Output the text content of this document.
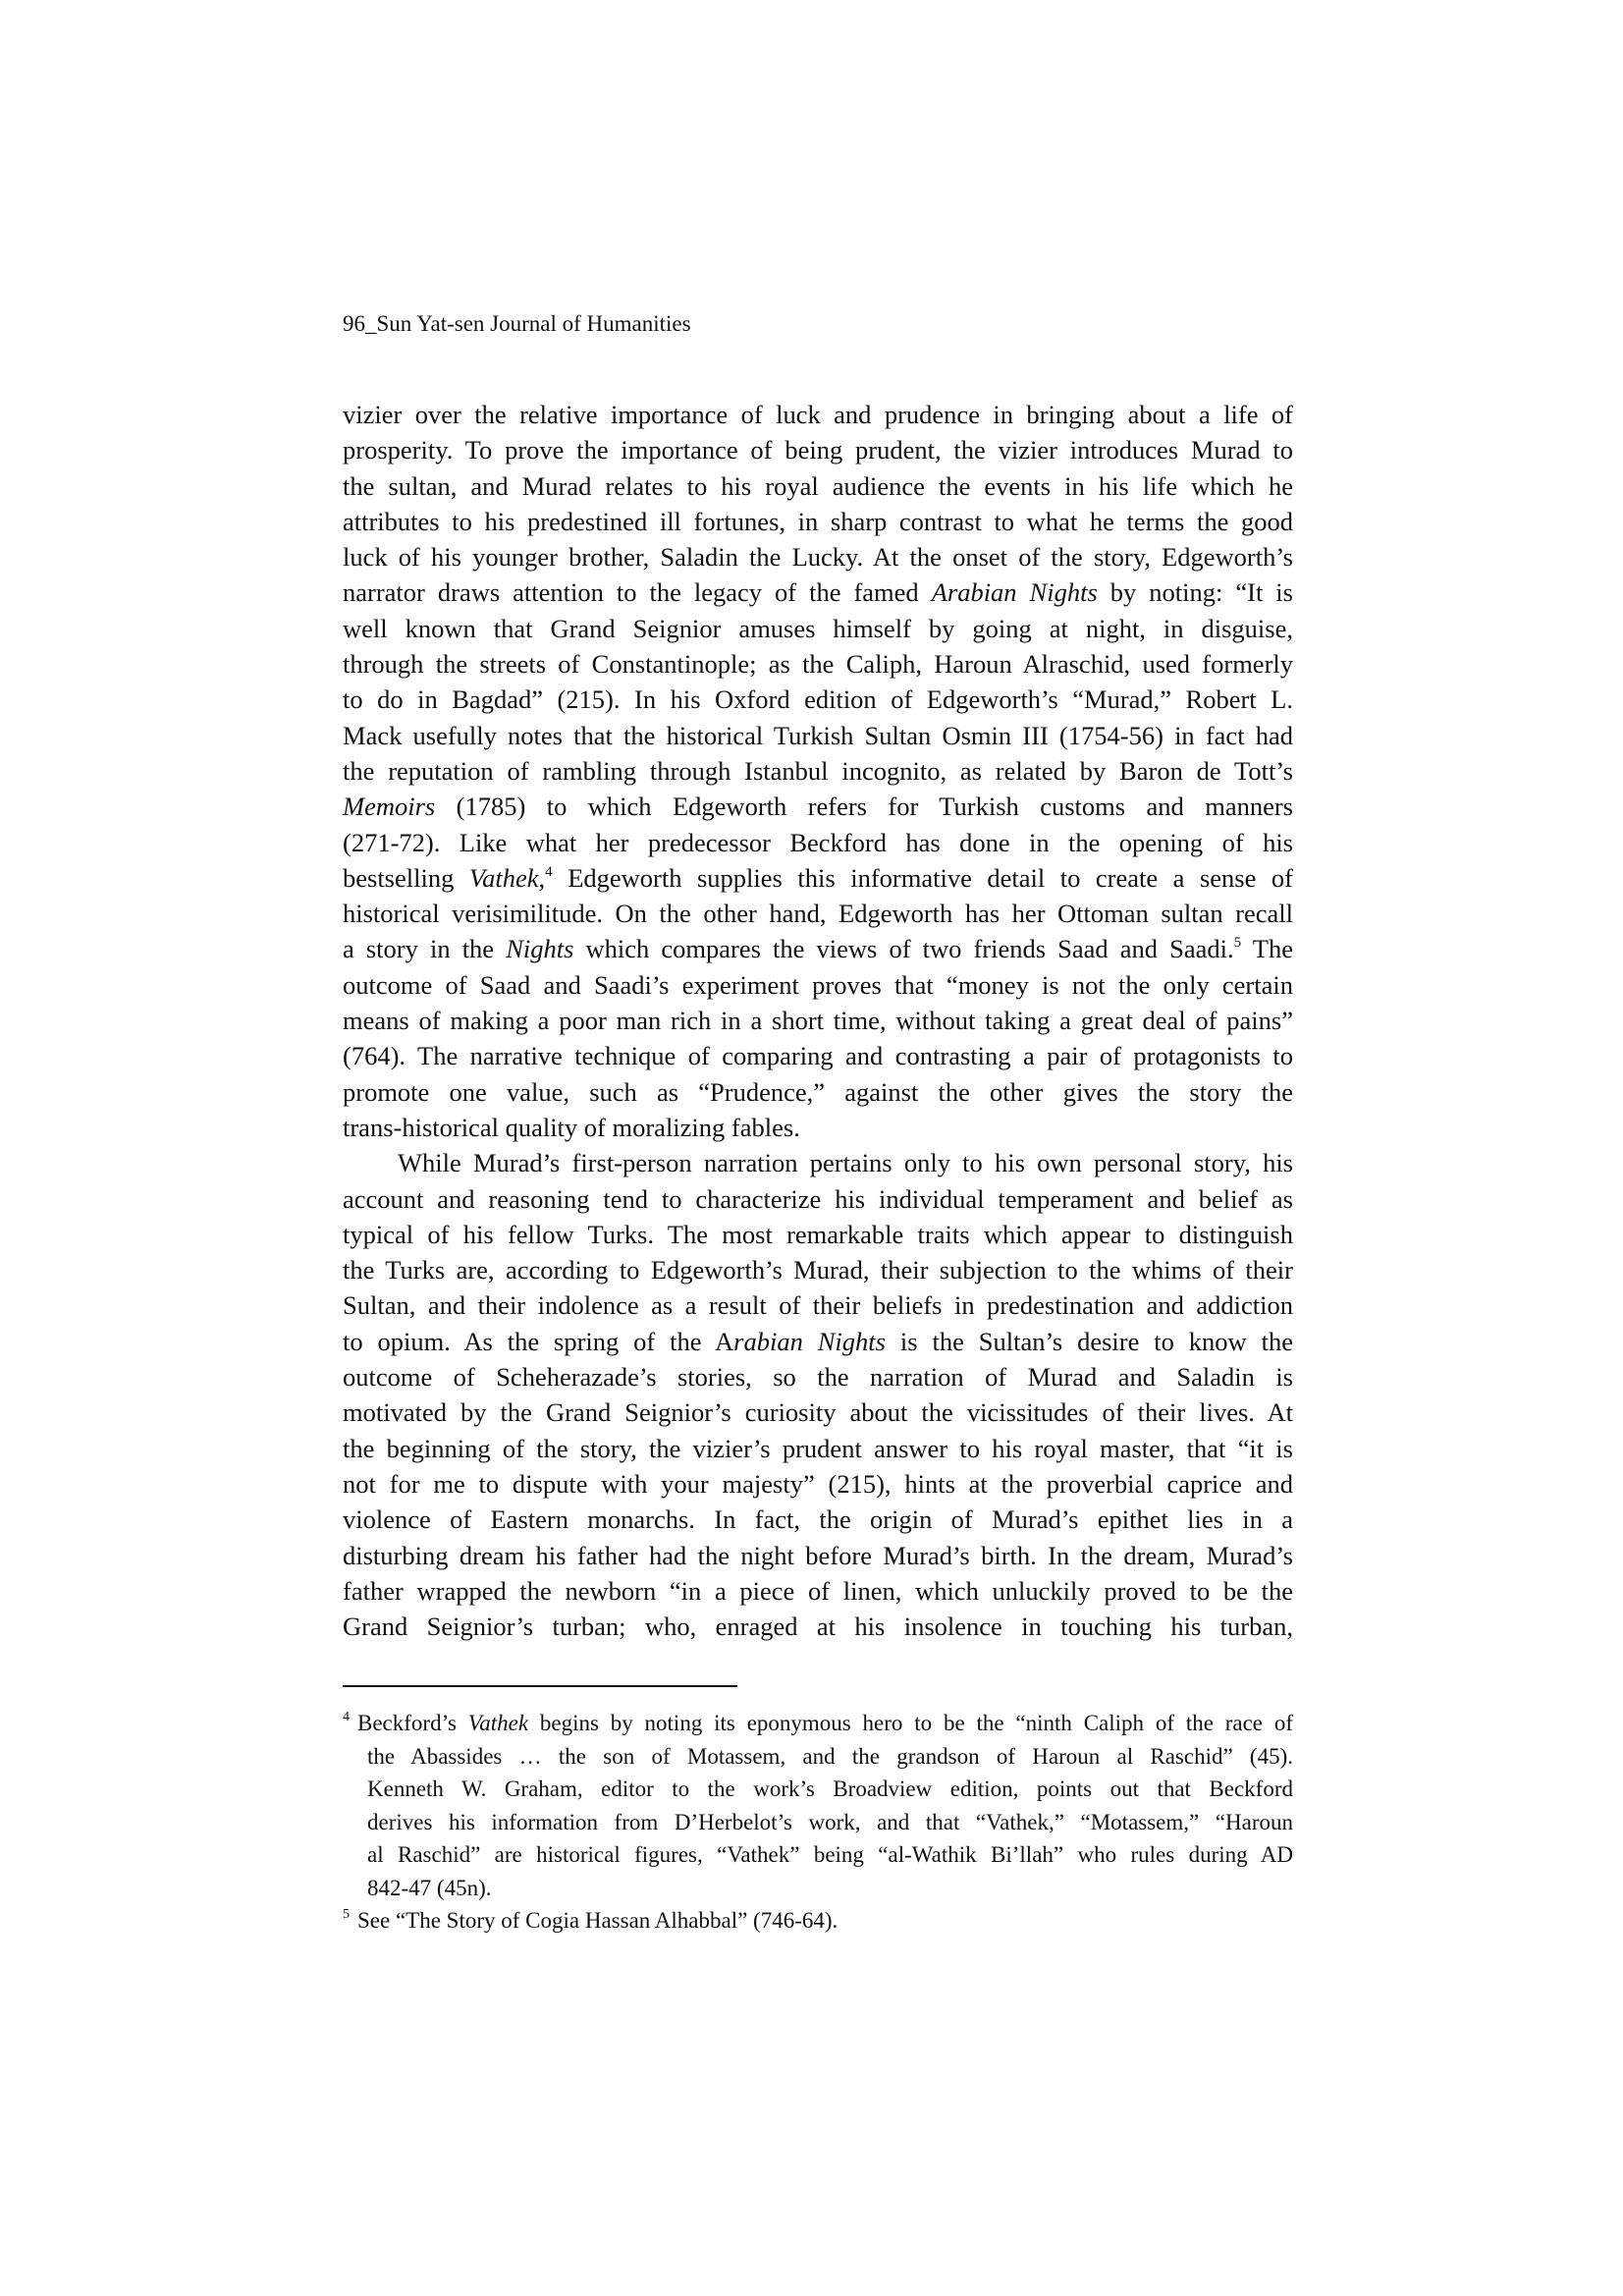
96_Sun Yat-sen Journal of Humanities
vizier over the relative importance of luck and prudence in bringing about a life of
prosperity. To prove the importance of being prudent, the vizier introduces Murad to
the sultan, and Murad relates to his royal audience the events in his life which he
attributes to his predestined ill fortunes, in sharp contrast to what he terms the good
luck of his younger brother, Saladin the Lucky. At the onset of the story, Edgeworth’s
narrator draws attention to the legacy of the famed Arabian Nights by noting: “It is
well known that Grand Seignior amuses himself by going at night, in disguise,
through the streets of Constantinople; as the Caliph, Haroun Alraschid, used formerly
to do in Bagdad” (215). In his Oxford edition of Edgeworth’s “Murad,” Robert L.
Mack usefully notes that the historical Turkish Sultan Osmin III (1754-56) in fact had
the reputation of rambling through Istanbul incognito, as related by Baron de Tott’s
Memoirs (1785) to which Edgeworth refers for Turkish customs and manners
(271-72). Like what her predecessor Beckford has done in the opening of his
bestselling Vathek,$^4$ Edgeworth supplies this informative detail to create a sense of
historical verisimilitude. On the other hand, Edgeworth has her Ottoman sultan recall
a story in the Nights which compares the views of two friends Saad and Saadi.$^5$ The
outcome of Saad and Saadi’s experiment proves that “money is not the only certain
means of making a poor man rich in a short time, without taking a great deal of pains”
(764). The narrative technique of comparing and contrasting a pair of protagonists to
promote one value, such as “Prudence,” against the other gives the story the
trans-historical quality of moralizing fables.
While Murad’s first-person narration pertains only to his own personal story, his
account and reasoning tend to characterize his individual temperament and belief as
typical of his fellow Turks. The most remarkable traits which appear to distinguish
the Turks are, according to Edgeworth’s Murad, their subjection to the whims of their
Sultan, and their indolence as a result of their beliefs in predestination and addiction
to opium. As the spring of the Arabian Nights is the Sultan’s desire to know the
outcome of Scheherazade’s stories, so the narration of Murad and Saladin is
motivated by the Grand Seignior’s curiosity about the vicissitudes of their lives. At
the beginning of the story, the vizier’s prudent answer to his royal master, that “it is
not for me to dispute with your majesty” (215), hints at the proverbial caprice and
violence of Eastern monarchs. In fact, the origin of Murad’s epithet lies in a
disturbing dream his father had the night before Murad’s birth. In the dream, Murad’s
father wrapped the newborn “in a piece of linen, which unluckily proved to be the
Grand Seignior’s turban; who, enraged at his insolence in touching his turban,
$^4$ Beckford’s Vathek begins by noting its eponymous hero to be the “ninth Caliph of the race of
the Abassides … the son of Motassem, and the grandson of Haroun al Raschid” (45).
Kenneth W. Graham, editor to the work’s Broadview edition, points out that Beckford
derives his information from D’Herbelot’s work, and that “Vathek,” “Motassem,” “Haroun
al Raschid” are historical figures, “Vathek” being “al-Wathik Bi’llah” who rules during AD
842-47 (45n).
$^5$ See “The Story of Cogia Hassan Alhabbal” (746-64).
